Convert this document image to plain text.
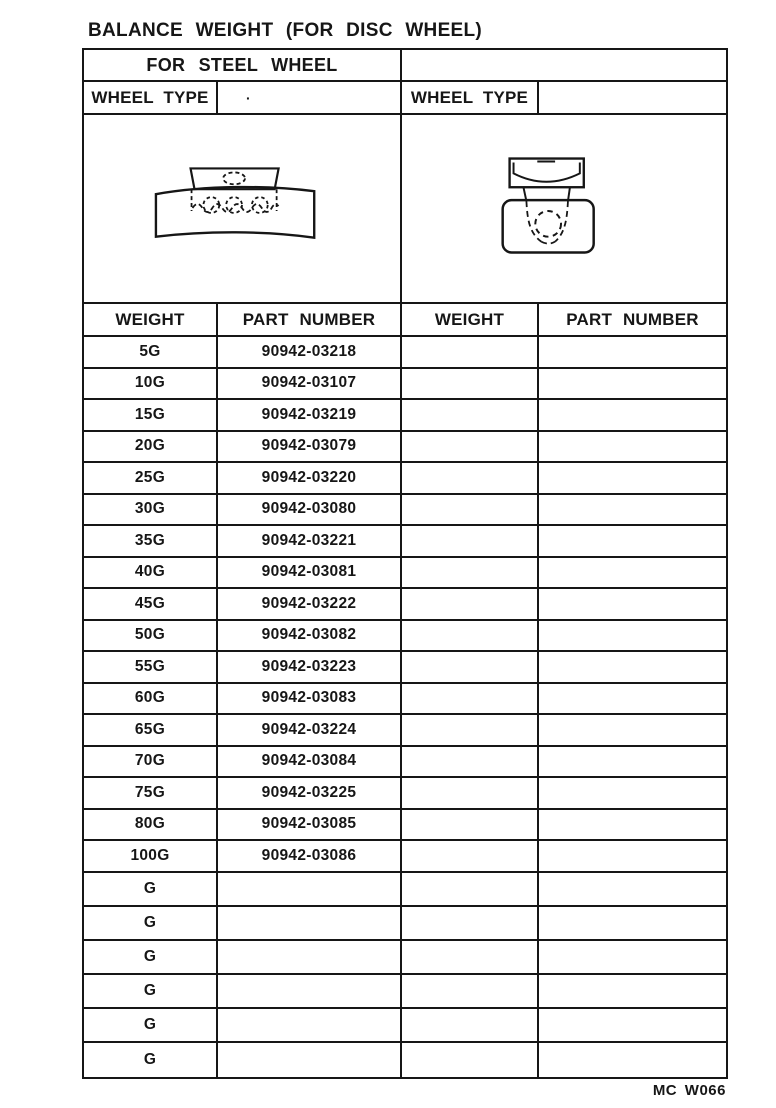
BALANCE WEIGHT (FOR DISC WHEEL)
FOR STEEL WHEEL
WHEEL TYPE	·	WHEEL TYPE
WEIGHT	PART NUMBER	WEIGHT	PART NUMBER
5G	90942-03218
10G	90942-03107
15G	90942-03219
20G	90942-03079
25G	90942-03220
30G	90942-03080
35G	90942-03221
40G	90942-03081
45G	90942-03222
50G	90942-03082
55G	90942-03223
60G	90942-03083
65G	90942-03224
70G	90942-03084
75G	90942-03225
80G	90942-03085
100G	90942-03086
G
G
G
G
G
G
MC W066
